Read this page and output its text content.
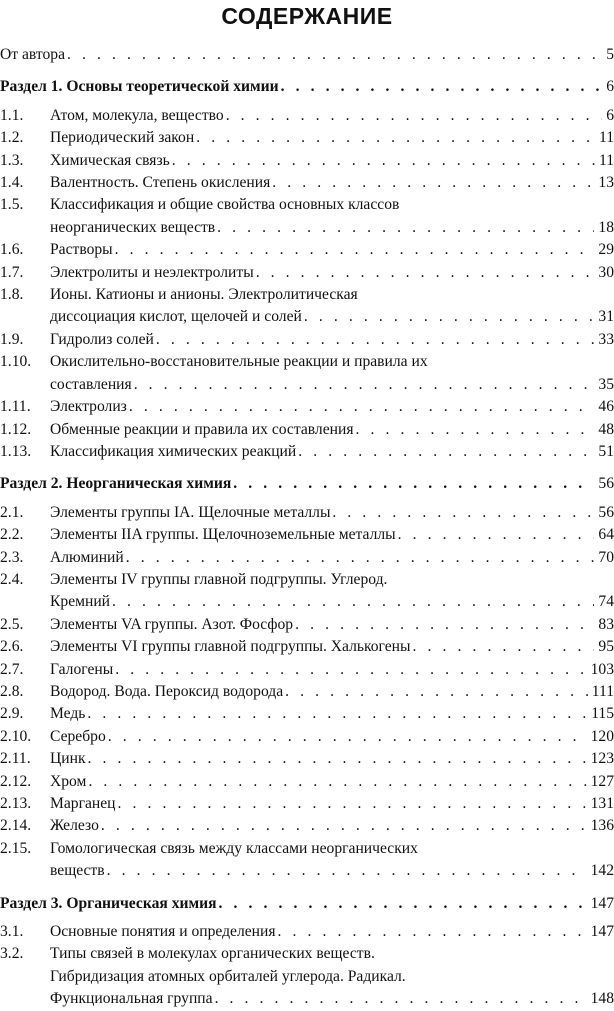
СОДЕРЖАНИЕ
От автора . . .	5
Раздел 1. Основы теоретической химии . . .	6
1.1. Атом, молекула, вещество . . .	6
1.2. Периодический закон . . .	11
1.3. Химическая связь . . .	11
1.4. Валентность. Степень окисления . . .	13
1.5. Классификация и общие свойства основных классов
неорганических веществ . . .	18
1.6. Растворы . . .	29
1.7. Электролиты и неэлектролиты . . .	30
1.8. Ионы. Катионы и анионы. Электролитическая
диссоциация кислот, щелочей и солей . . .	31
1.9. Гидролиз солей . . .	33
1.10. Окислительно-восстановительные реакции и правила их
составления . . .	35
1.11. Электролиз . . .	46
1.12. Обменные реакции и правила их составления . . .	48
1.13. Классификация химических реакций . . .	51
Раздел 2. Неорганическая химия . . .	56
2.1. Элементы группы IA. Щелочные металлы . . .	56
2.2. Элементы IIA группы. Щелочноземельные металлы . . .	64
2.3. Алюминий . . .	70
2.4. Элементы IV группы главной подгруппы. Углерод.
Кремний . . .	74
2.5. Элементы VA группы. Азот. Фосфор . . .	83
2.6. Элементы VI группы главной подгруппы. Халькогены . . .	95
2.7. Галогены . . .	103
2.8. Водород. Вода. Пероксид водорода . . .	111
2.9. Медь . . .	115
2.10. Серебро . . .	120
2.11. Цинк . . .	123
2.12. Хром . . .	127
2.13. Марганец . . .	131
2.14. Железо . . .	136
2.15. Гомологическая связь между классами неорганических
веществ . . .	142
Раздел 3. Органическая химия . . .	147
3.1. Основные понятия и определения . . .	147
3.2. Типы связей в молекулах органических веществ.
Гибридизация атомных орбиталей углерода. Радикал.
Функциональная группа . . .	148
